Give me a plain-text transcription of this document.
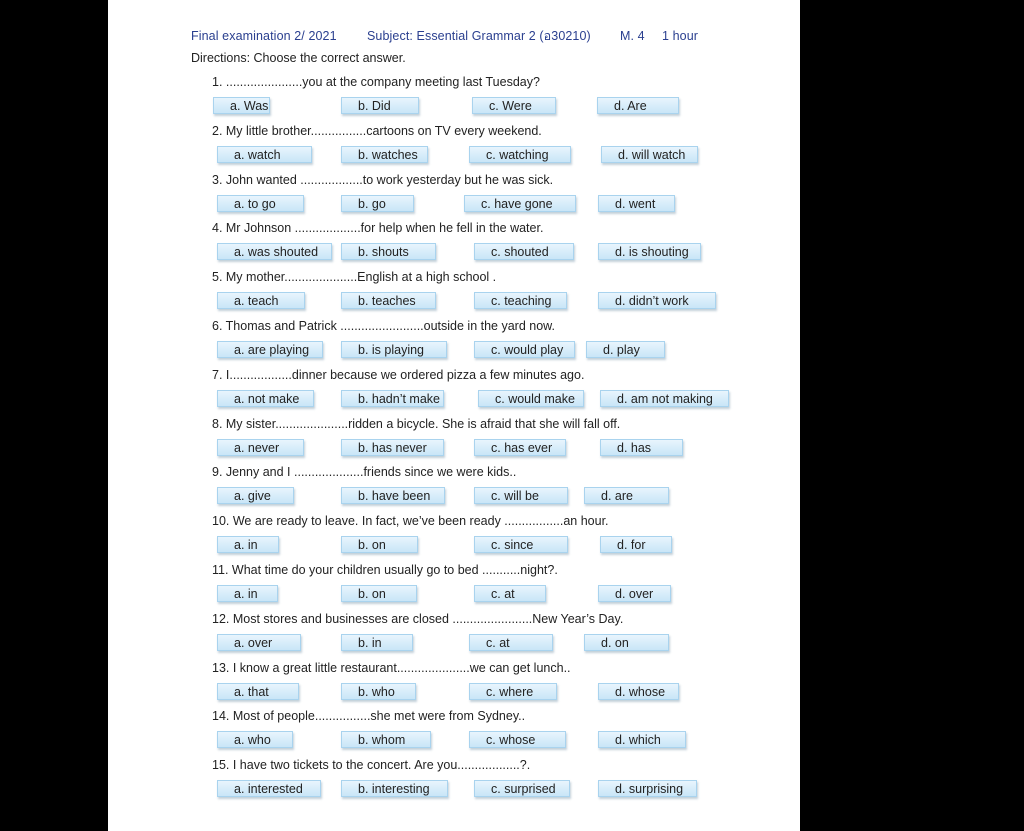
Final examination 2/ 2021 Subject: Essential Grammar 2 (อ30210) M. 4 1 hour
Directions: Choose the correct answer.
1. ......................you at the company meeting last Tuesday?
a. Was	b. Did	c. Were	d. Are
2. My little brother................cartoons on TV every weekend.
a. watch	b. watches	c. watching	d. will watch
3. John wanted ..................to work yesterday but he was sick.
a. to go	b. go	c. have gone	d. went
4. Mr Johnson ...................for help when he fell in the water.
a. was shouted	b. shouts	c. shouted	d. is shouting
5. My mother.....................English at a high school .
a. teach	b. teaches	c. teaching	d. didn’t work
6. Thomas and Patrick ........................outside in the yard now.
a. are playing	b. is playing	c. would play	d. play
7. I..................dinner because we ordered pizza a few minutes ago.
a. not make	b. hadn’t make	c. would make	d. am not making
8. My sister.....................ridden a bicycle. She is afraid that she will fall off.
a. never	b. has never	c. has ever	d. has
9. Jenny and I ....................friends since we were kids..
a. give	b. have been	c. will be	d. are
10. We are ready to leave. In fact, we’ve been ready .................an hour.
a. in	b. on	c. since	d. for
11. What time do your children usually go to bed ...........night?.
a. in	b. on	c. at	d. over
12. Most stores and businesses are closed .......................New Year’s Day.
a. over	b. in	c. at	d. on
13. I know a great little restaurant.....................we can get lunch..
a. that	b. who	c. where	d. whose
14. Most of people................she met were from Sydney..
a. who	b. whom	c. whose	d. which
15. I have two tickets to the concert. Are you..................?.
a. interested	b. interesting	c. surprised	d. surprising
